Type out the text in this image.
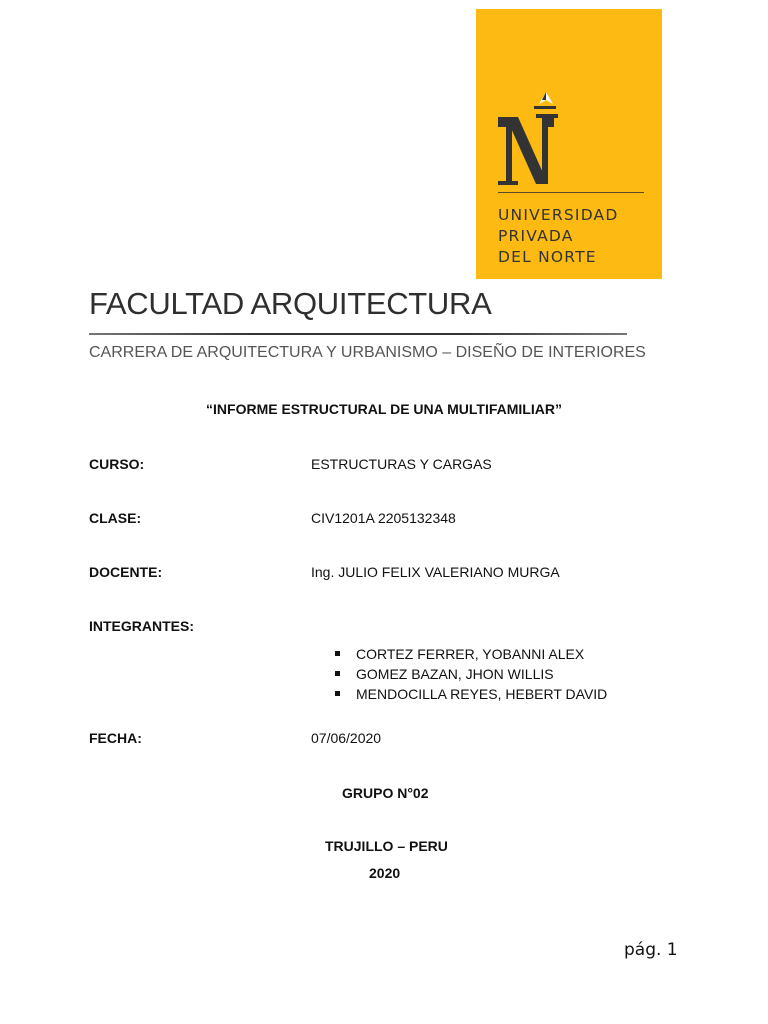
UNIVERSIDAD
PRIVADA
DEL NORTE
FACULTAD ARQUITECTURA
CARRERA DE ARQUITECTURA Y URBANISMO – DISEÑO DE INTERIORES
“INFORME ESTRUCTURAL DE UNA MULTIFAMILIAR”
CURSO:	ESTRUCTURAS Y CARGAS
CLASE:	CIV1201A 2205132348
DOCENTE:	Ing. JULIO FELIX VALERIANO MURGA
INTEGRANTES:
CORTEZ FERRER, YOBANNI ALEX
GOMEZ BAZAN, JHON WILLIS
MENDOCILLA REYES, HEBERT DAVID
FECHA:	07/06/2020
GRUPO N°02
TRUJILLO – PERU
2020
pág. 1
